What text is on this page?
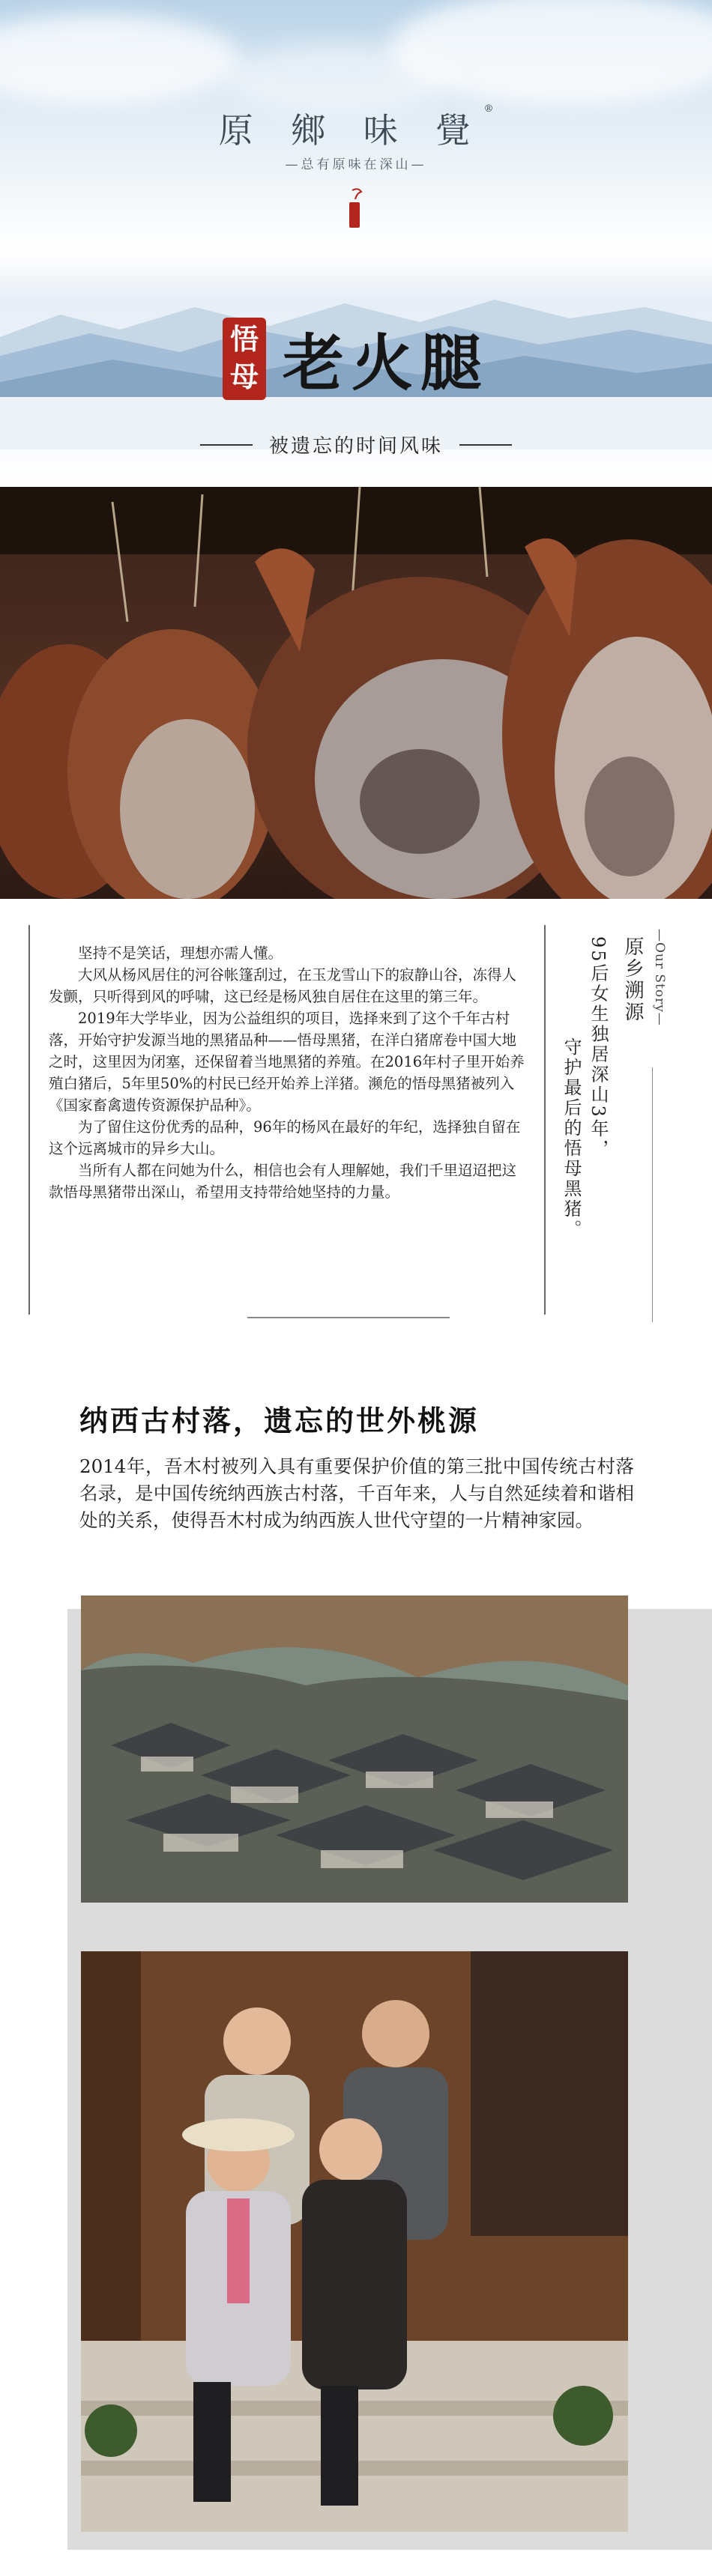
原 鄉 味 覺®
—总有原味在深山—
悟
母 老火腿
被遗忘的时间风味

坚持不是笑话，理想亦需人懂。

大风从杨风居住的河谷帐篷刮过，在玉龙雪山下的寂静山谷，冻得人发颤，只听得到风的呼啸，这已经是杨风独自居住在这里的第三年。

2019年大学毕业，因为公益组织的项目，选择来到了这个千年古村落，开始守护发源当地的黑猪品种——悟母黑猪，在洋白猪席卷中国大地之时，这里因为闭塞，还保留着当地黑猪的养殖。在2016年村子里开始养殖白猪后，5年里50%的村民已经开始养上洋猪。濒危的悟母黑猪被列入《国家畜禽遗传资源保护品种》。

为了留住这份优秀的品种，96年的杨风在最好的年纪，选择独自留在这个远离城市的异乡大山。

当所有人都在问她为什么，相信也会有人理解她，我们千里迢迢把这款悟母黑猪带出深山，希望用支持带给她坚持的力量。

—Our Story—
原乡溯源
95后女生独居深山3年，
守护最后的悟母黑猪。
纳西古村落，遗忘的世外桃源
2014年，吾木村被列入具有重要保护价值的第三批中国传统古村落名录，是中国传统纳西族古村落，千百年来，人与自然延续着和谐相处的关系，使得吾木村成为纳西族人世代守望的一片精神家园。
